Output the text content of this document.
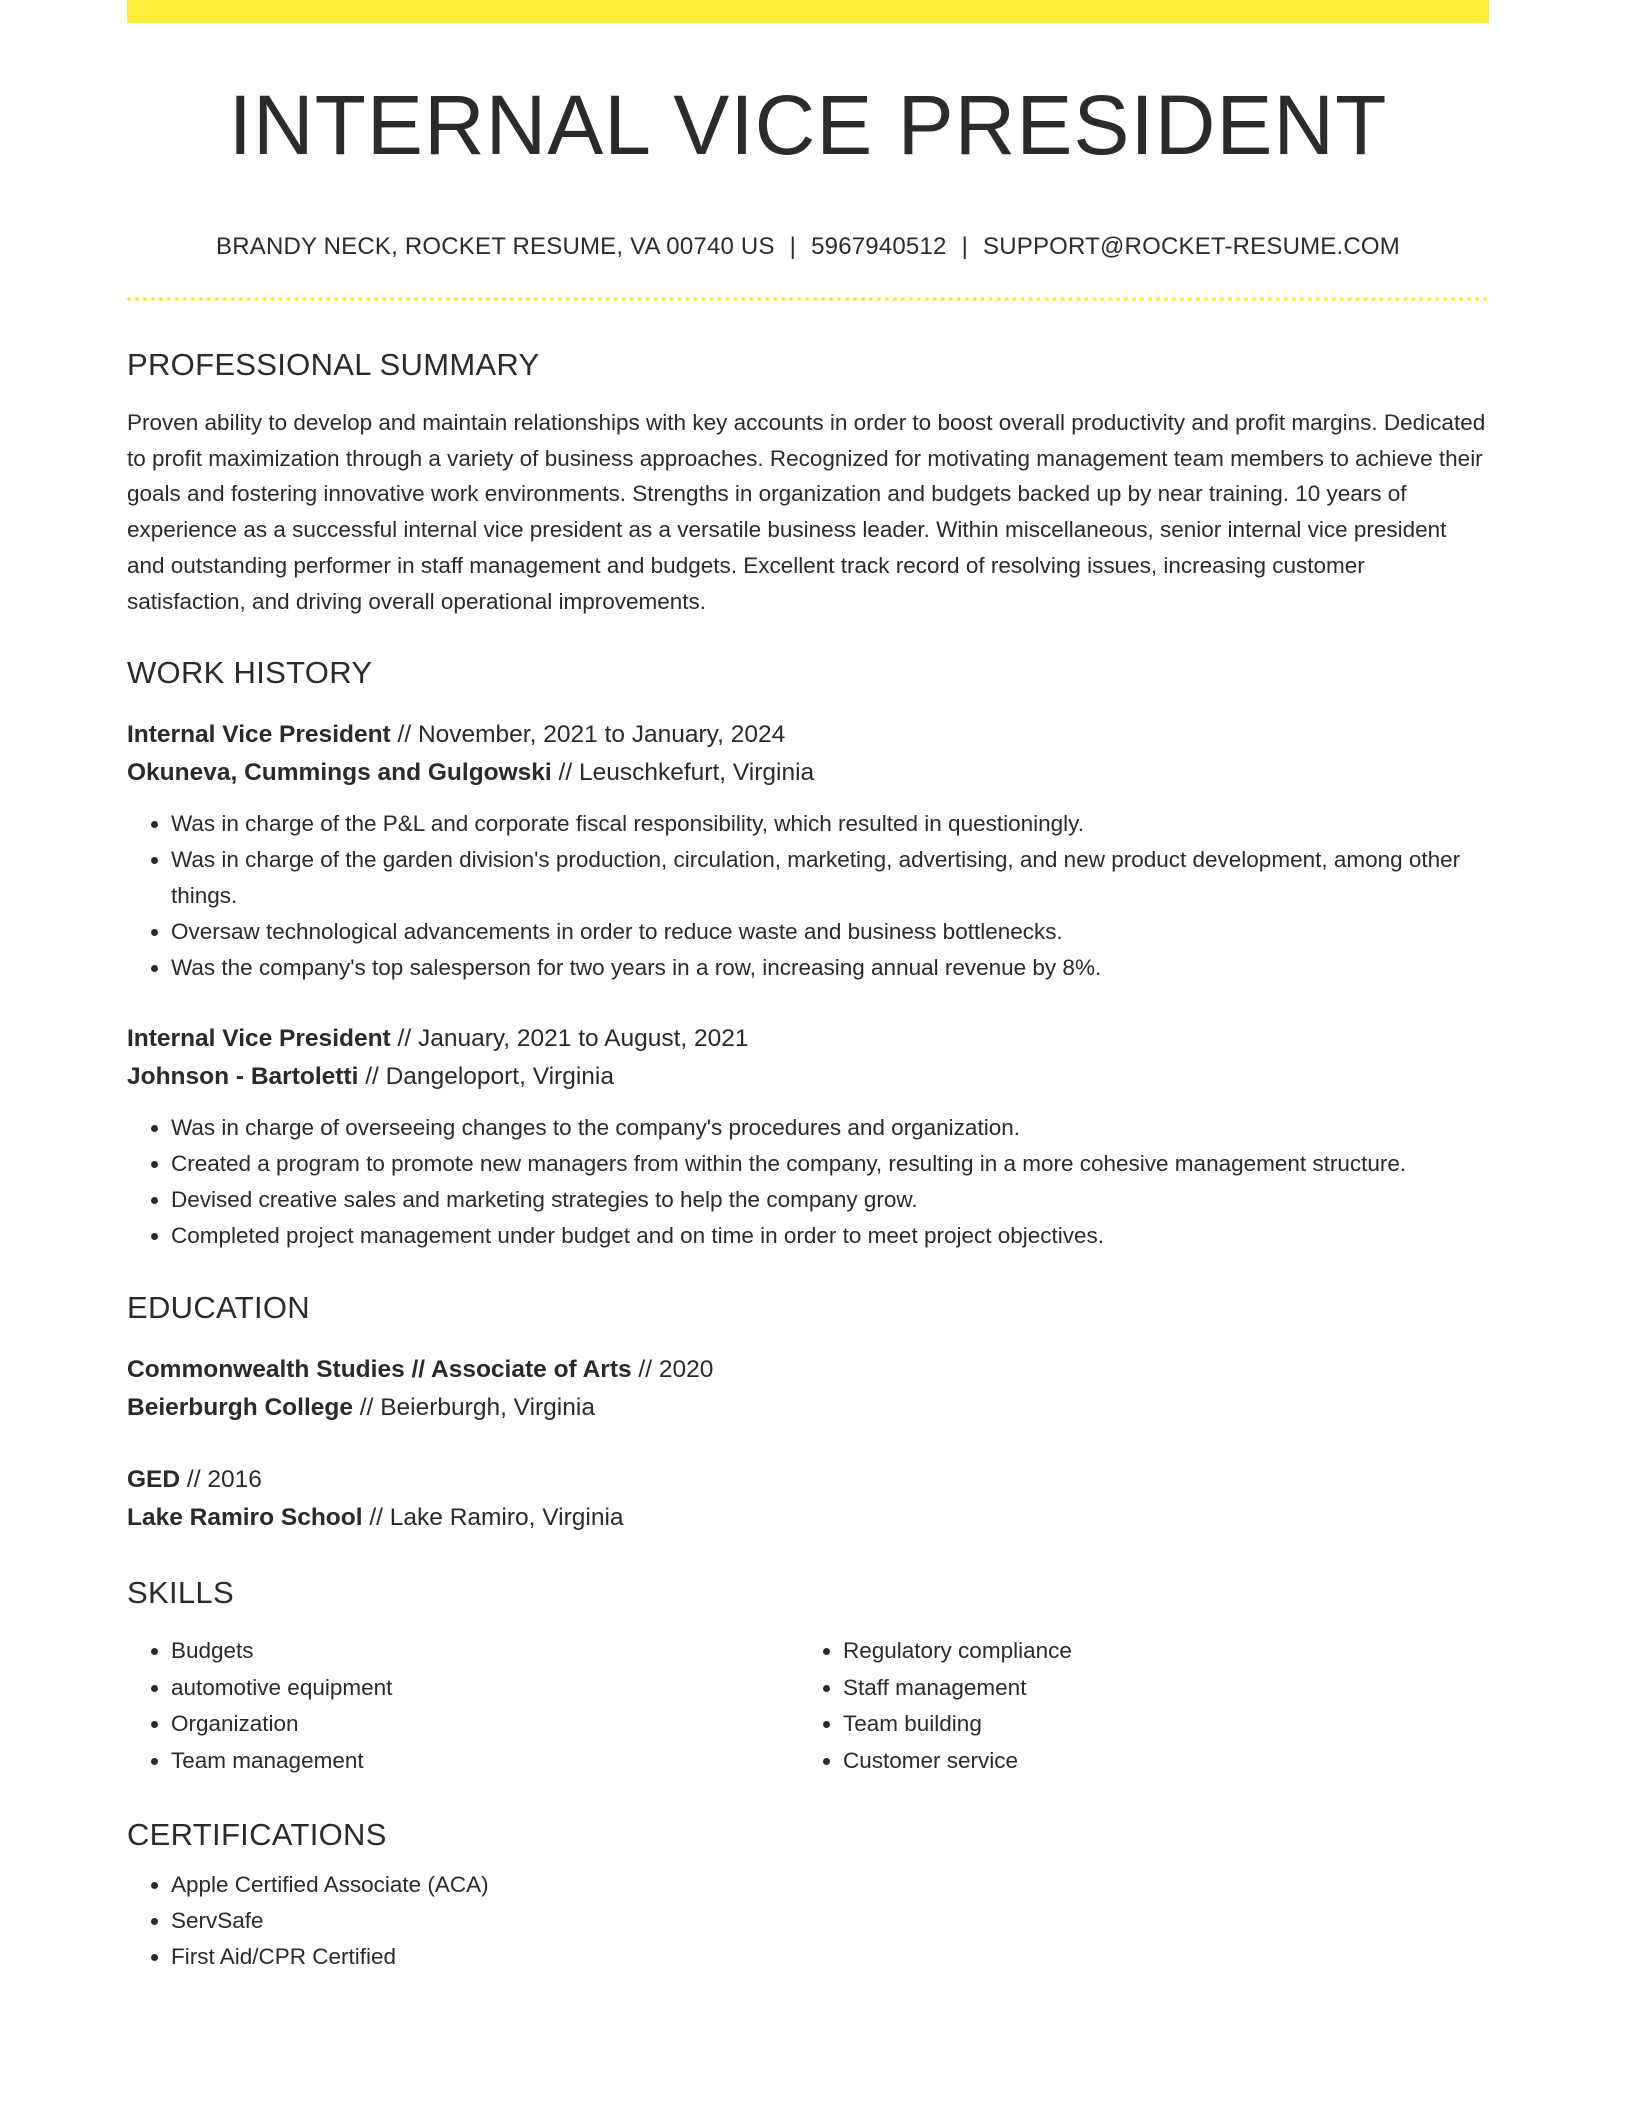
INTERNAL VICE PRESIDENT
BRANDY NECK, ROCKET RESUME, VA 00740 US | 5967940512 | SUPPORT@ROCKET-RESUME.COM
PROFESSIONAL SUMMARY
Proven ability to develop and maintain relationships with key accounts in order to boost overall productivity and profit margins. Dedicated to profit maximization through a variety of business approaches. Recognized for motivating management team members to achieve their goals and fostering innovative work environments. Strengths in organization and budgets backed up by near training. 10 years of experience as a successful internal vice president as a versatile business leader. Within miscellaneous, senior internal vice president and outstanding performer in staff management and budgets. Excellent track record of resolving issues, increasing customer satisfaction, and driving overall operational improvements.
WORK HISTORY
Internal Vice President // November, 2021 to January, 2024
Okuneva, Cummings and Gulgowski // Leuschkefurt, Virginia
• Was in charge of the P&L and corporate fiscal responsibility, which resulted in questioningly.
• Was in charge of the garden division's production, circulation, marketing, advertising, and new product development, among other things.
• Oversaw technological advancements in order to reduce waste and business bottlenecks.
• Was the company's top salesperson for two years in a row, increasing annual revenue by 8%.
Internal Vice President // January, 2021 to August, 2021
Johnson - Bartoletti // Dangeloport, Virginia
• Was in charge of overseeing changes to the company's procedures and organization.
• Created a program to promote new managers from within the company, resulting in a more cohesive management structure.
• Devised creative sales and marketing strategies to help the company grow.
• Completed project management under budget and on time in order to meet project objectives.
EDUCATION
Commonwealth Studies // Associate of Arts // 2020
Beierburgh College // Beierburgh, Virginia
GED // 2016
Lake Ramiro School // Lake Ramiro, Virginia
SKILLS
• Budgets
• automotive equipment
• Organization
• Team management
• Regulatory compliance
• Staff management
• Team building
• Customer service
CERTIFICATIONS
• Apple Certified Associate (ACA)
• ServSafe
• First Aid/CPR Certified
